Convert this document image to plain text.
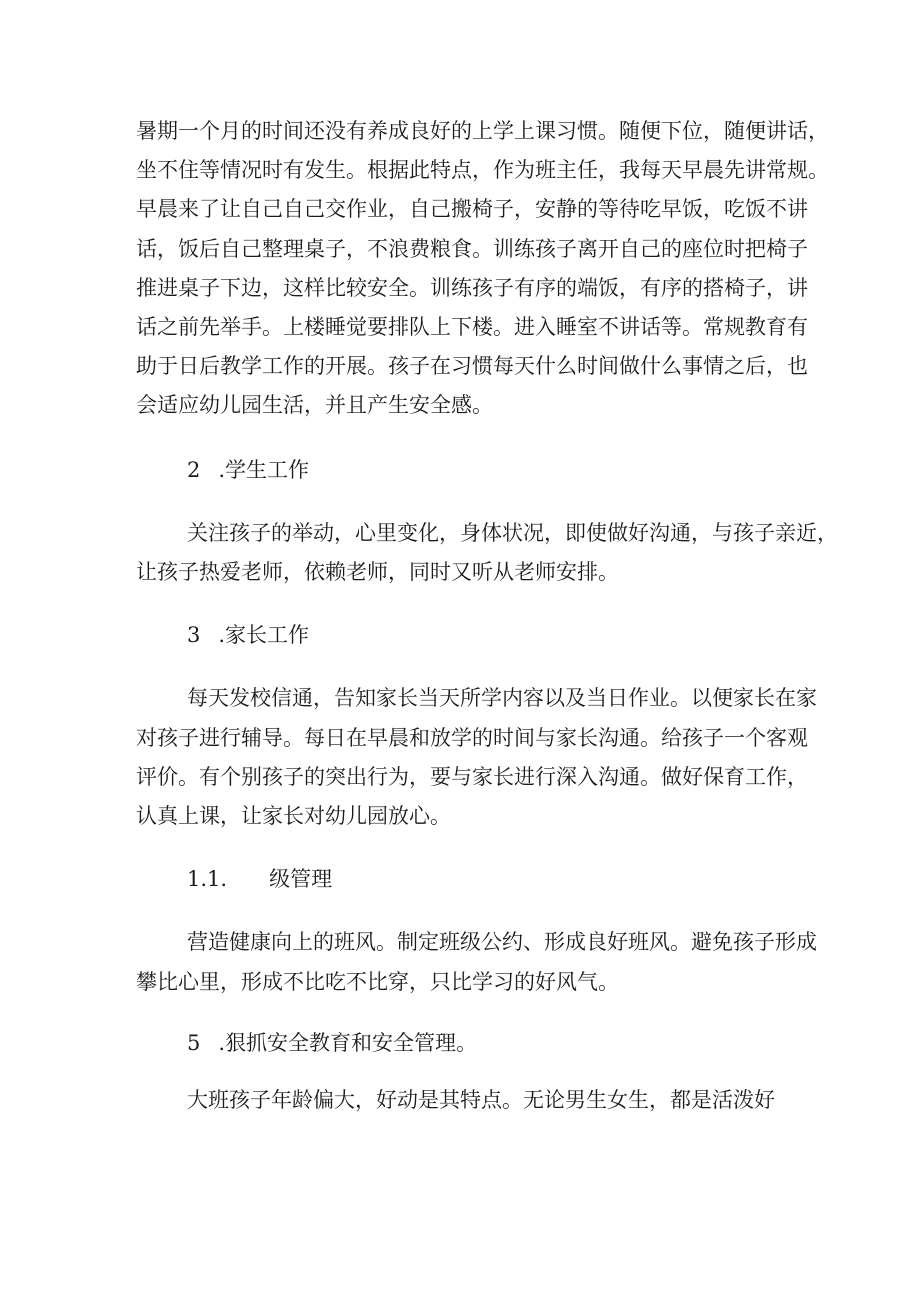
暑期一个月的时间还没有养成良好的上学上课习惯。随便下位，随便讲话，
坐不住等情况时有发生。根据此特点，作为班主任，我每天早晨先讲常规。
早晨来了让自己自己交作业，自己搬椅子，安静的等待吃早饭，吃饭不讲
话，饭后自己整理桌子，不浪费粮食。训练孩子离开自己的座位时把椅子
推进桌子下边，这样比较安全。训练孩子有序的端饭，有序的搭椅子，讲
话之前先举手。上楼睡觉要排队上下楼。进入睡室不讲话等。常规教育有
助于日后教学工作的开展。孩子在习惯每天什么时间做什么事情之后，也
会适应幼儿园生活，并且产生安全感。

2 .学生工作

关注孩子的举动，心里变化，身体状况，即使做好沟通，与孩子亲近，
让孩子热爱老师，依赖老师，同时又听从老师安排。

3 .家长工作

每天发校信通，告知家长当天所学内容以及当日作业。以便家长在家
对孩子进行辅导。每日在早晨和放学的时间与家长沟通。给孩子一个客观
评价。有个别孩子的突出行为，要与家长进行深入沟通。做好保育工作，
认真上课，让家长对幼儿园放心。

1.1. 级管理

营造健康向上的班风。制定班级公约、形成良好班风。避免孩子形成
攀比心里，形成不比吃不比穿，只比学习的好风气。

5 .狠抓安全教育和安全管理。

大班孩子年龄偏大，好动是其特点。无论男生女生，都是活泼好
